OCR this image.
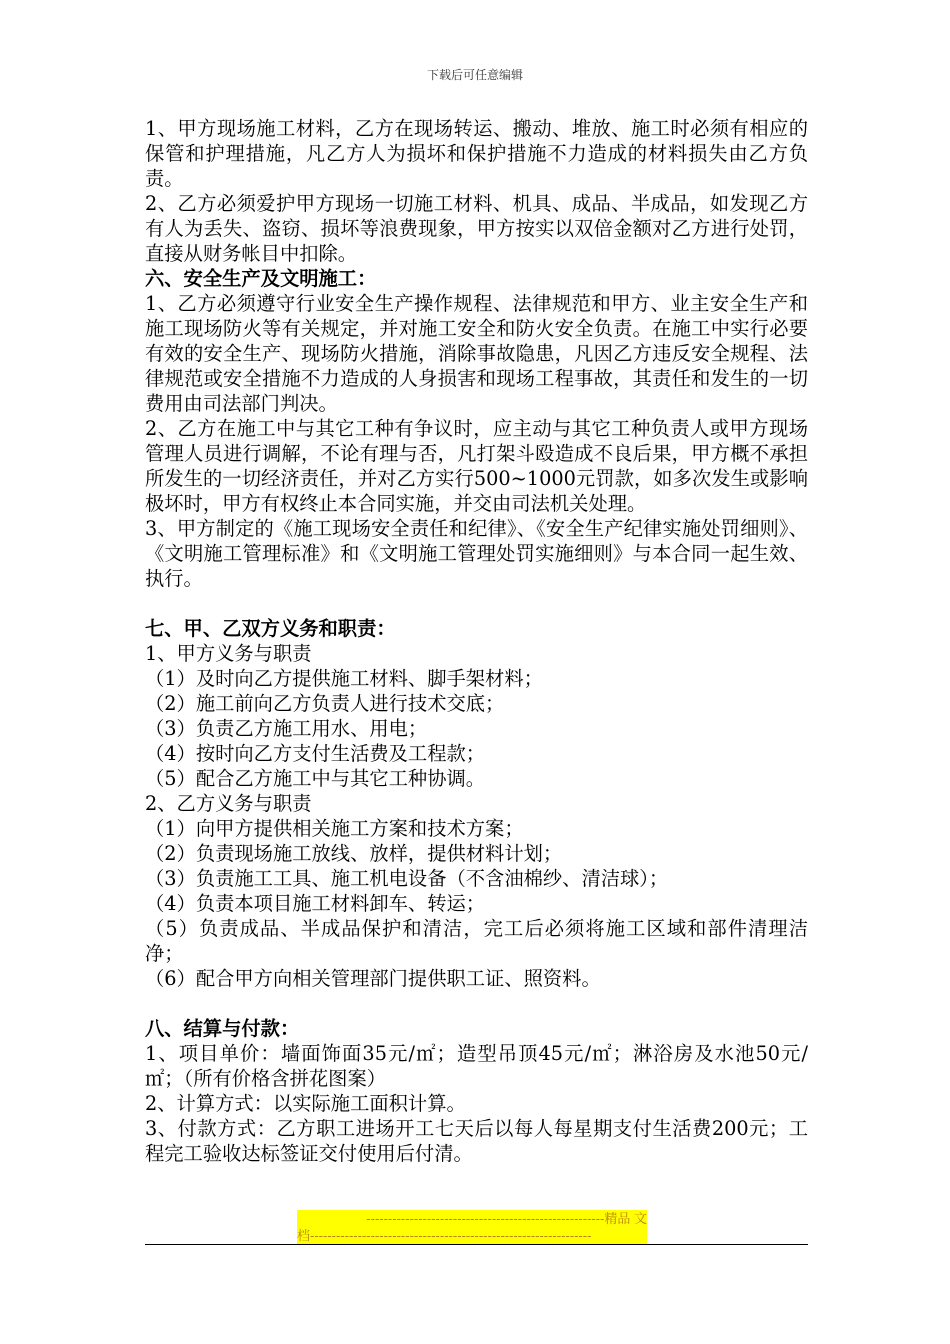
下载后可任意编辑

1、甲方现场施工材料，乙方在现场转运、搬动、堆放、施工时必须有相应的保管和护理措施，凡乙方人为损坏和保护措施不力造成的材料损失由乙方负责。

2、乙方必须爱护甲方现场一切施工材料、机具、成品、半成品，如发现乙方有人为丢失、盗窃、损坏等浪费现象，甲方按实以双倍金额对乙方进行处罚，直接从财务帐目中扣除。

六、安全生产及文明施工：

1、乙方必须遵守行业安全生产操作规程、法律规范和甲方、业主安全生产和施工现场防火等有关规定，并对施工安全和防火安全负责。在施工中实行必要有效的安全生产、现场防火措施，消除事故隐患，凡因乙方违反安全规程、法律规范或安全措施不力造成的人身损害和现场工程事故，其责任和发生的一切费用由司法部门判决。

2、乙方在施工中与其它工种有争议时，应主动与其它工种负责人或甲方现场管理人员进行调解，不论有理与否，凡打架斗殴造成不良后果，甲方概不承担所发生的一切经济责任，并对乙方实行500~1000元罚款，如多次发生或影响极坏时，甲方有权终止本合同实施，并交由司法机关处理。

3、甲方制定的《施工现场安全责任和纪律》、《安全生产纪律实施处罚细则》、《文明施工管理标准》和《文明施工管理处罚实施细则》与本合同一起生效、执行。

七、甲、乙双方义务和职责：

1、甲方义务与职责

（1）及时向乙方提供施工材料、脚手架材料；

（2）施工前向乙方负责人进行技术交底；

（3）负责乙方施工用水、用电；

（4）按时向乙方支付生活费及工程款；

（5）配合乙方施工中与其它工种协调。

2、乙方义务与职责

（1）向甲方提供相关施工方案和技术方案；

（2）负责现场施工放线、放样，提供材料计划；

（3）负责施工工具、施工机电设备（不含油棉纱、清洁球）；

（4）负责本项目施工材料卸车、转运；

（5）负责成品、半成品保护和清洁，完工后必须将施工区域和部件清理洁净；

（6）配合甲方向相关管理部门提供职工证、照资料。

八、结算与付款：

1、项目单价：墙面饰面35元/㎡；造型吊顶45元/㎡；淋浴房及水池50元/㎡；（所有价格含拼花图案）

2、计算方式：以实际施工面积计算。

3、付款方式：乙方职工进场开工七天后以每人每星期支付生活费200元；工程完工验收达标签证交付使用后付清。

-------------------------------------------------------精品 文
档-----------------------------------------------------------------
